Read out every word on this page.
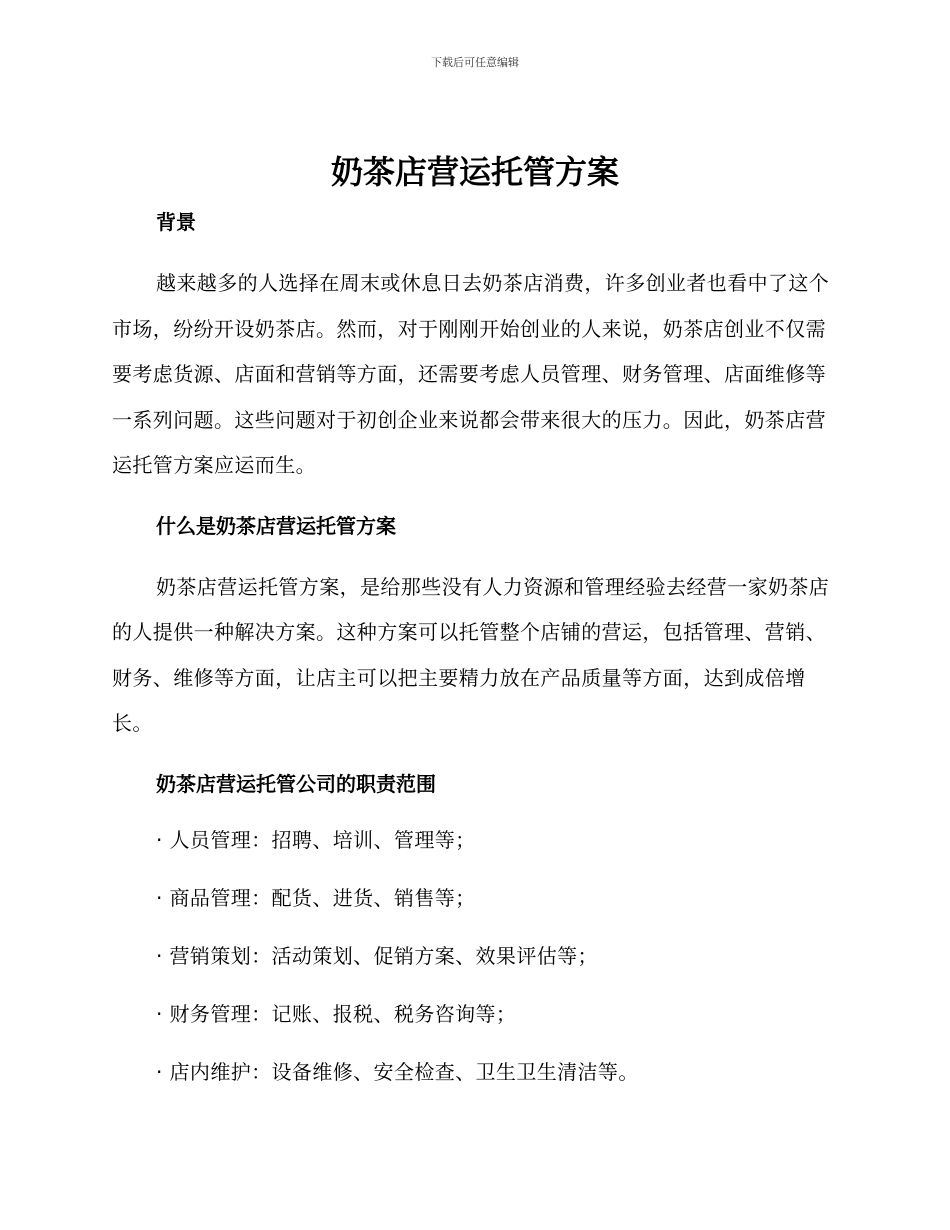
下载后可任意编辑
奶茶店营运托管方案
背景

越来越多的人选择在周末或休息日去奶茶店消费，许多创业者也看中了这个市场，纷纷开设奶茶店。然而，对于刚刚开始创业的人来说，奶茶店创业不仅需要考虑货源、店面和营销等方面，还需要考虑人员管理、财务管理、店面维修等一系列问题。这些问题对于初创企业来说都会带来很大的压力。因此，奶茶店营运托管方案应运而生。

什么是奶茶店营运托管方案

奶茶店营运托管方案，是给那些没有人力资源和管理经验去经营一家奶茶店的人提供一种解决方案。这种方案可以托管整个店铺的营运，包括管理、营销、财务、维修等方面，让店主可以把主要精力放在产品质量等方面，达到成倍增长。

奶茶店营运托管公司的职责范围

· 人员管理：招聘、培训、管理等；

· 商品管理：配货、进货、销售等；

· 营销策划：活动策划、促销方案、效果评估等；

· 财务管理：记账、报税、税务咨询等；

· 店内维护：设备维修、安全检查、卫生卫生清洁等。
